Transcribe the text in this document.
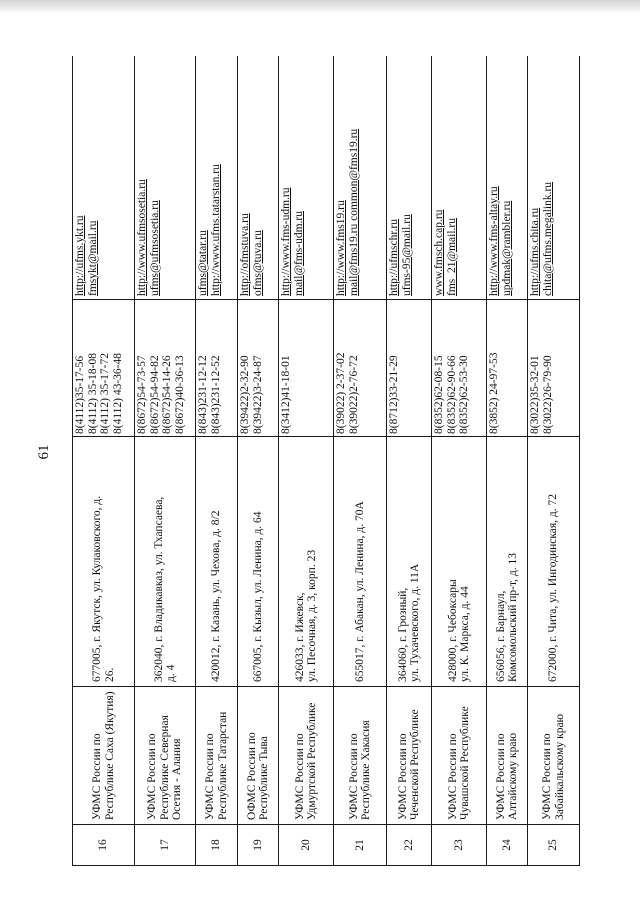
61
16	УФМС России по Республике Саха (Якутия)	677005, г. Якутск, ул. Кулаковского, д. 26.	8(4112)35-17-56 8(4112) 35-18-08 8(4112) 35-17-72 8(4112) 43-36-48	http://ufms.ykt.ru fmsykt@mail.ru

17	УФМС России по Республике Северная Осетия - Алания	362040, г. Владикавказ, ул. Тхапсаева, д. 4	8(8672)54-73-57 8(8672)54-94-82 8(8672)54-14-26 8(8672)40-36-13	http://www.ufmsosetia.ru ufms@ufmsosetia.ru

18	УФМС России по Республике Татарстан	420012, г. Казань, ул. Чехова, д. 8/2	8(843)231-12-12 8(843)231-12-52	ufms@tatar.ru http://www.ufms.tatarstan.ru

19	ОФМС России по Республике Тыва	667005, г. Кызыл, ул. Ленина, д. 64	8(39422)2-32-90 8(39422)3-24-87	http://ofmstuva.ru ofms@tuva.ru

20	УФМС России по Удмуртской Республике	426033, г. Ижевск, ул. Песочная, д. 3, корп. 23	8(3412)41-18-01	http://www.fms-udm.ru mail@fms-udm.ru

21	УФМС России по Республике Хакасия	655017, г. Абакан, ул. Ленина, д. 70А	8(39022) 2-37-02 8(39022)2-76-72	http://www.fms19.ru mail@fms19.ru common@fms19.ru

22	УФМС России по Чеченской Республике	364060, г. Грозный, ул. Тухачевского, д. 11А	8(8712)33-21-29	http://ufmschr.ru ufms-95@mail.ru

23	УФМС России по Чувашской Республике	428000, г. Чебоксары ул. К. Маркса, д. 44	8(8352)62-08-15 8(8352)62-90-66 8(8352)62-53-30	www.fmsch.cap.ru fms_21@mail.ru

24	УФМС России по Алтайскому краю	656056, г. Барнаул, Комсомольский пр-т, д. 13	8(3852) 24-97-53	http://www.fms-altay.ru updmak@rambler.ru

25	УФМС России по Забайкальскому краю	672000, г. Чита, ул. Ингодинская, д. 72	8(3022)35-32-01 8(3022)26-79-90	http://ufms.chita.ru chita@ufms.megalink.ru
